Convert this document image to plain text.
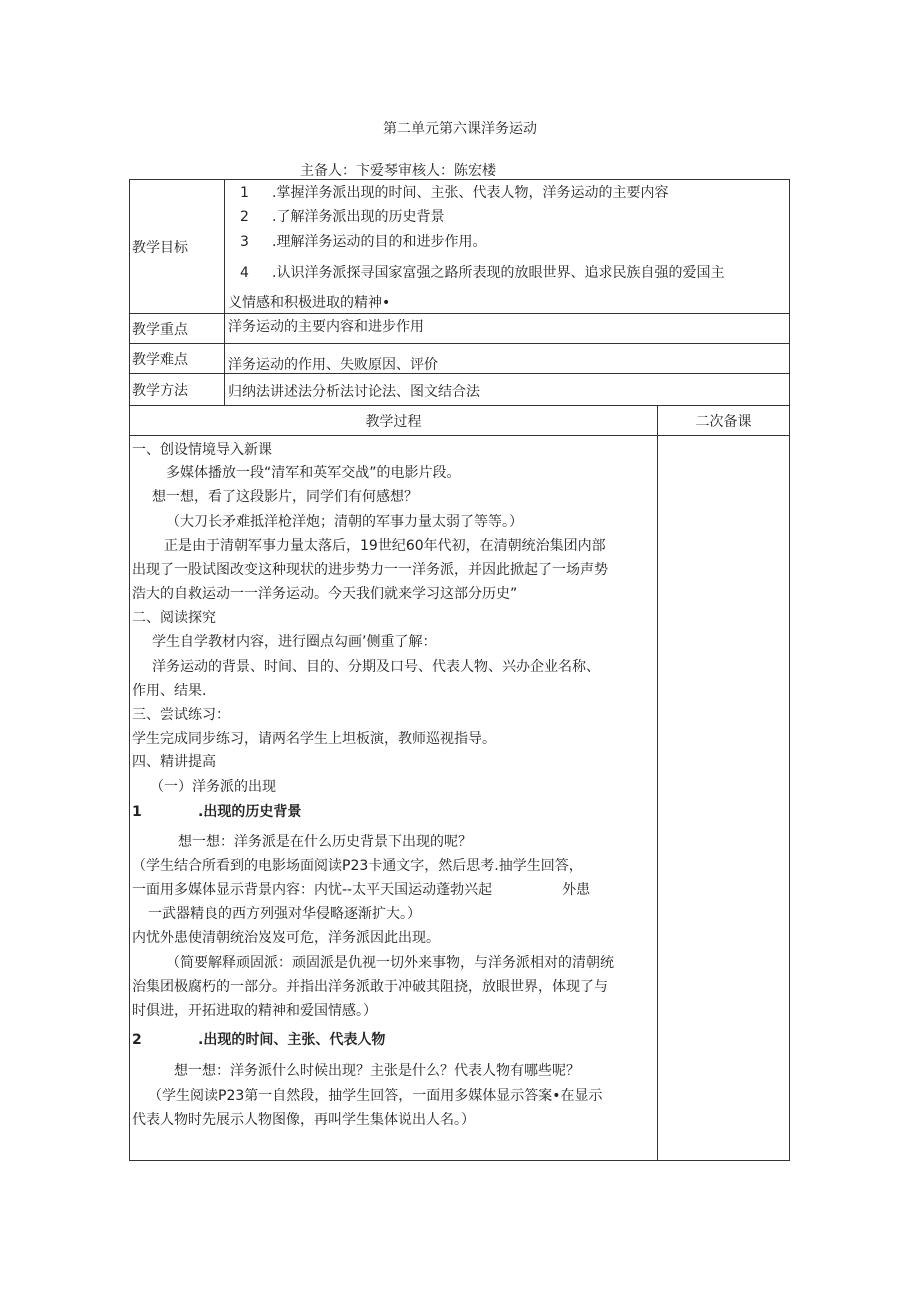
第二单元第六课洋务运动
主备人：卞爱琴审核人：陈宏楼
教学目标
1 .掌握洋务派出现的时间、主张、代表人物，洋务运动的主要内容
2 .了解洋务派出现的历史背景
3 .理解洋务运动的目的和进步作用。
4 .认识洋务派探寻国家富强之路所表现的放眼世界、追求民族自强的爱国主
义情感和积极进取的精神•
教学重点	洋务运动的主要内容和进步作用
教学难点	洋务运动的作用、失败原因、评价
教学方法	归纳法讲述法分析法讨论法、图文结合法
教学过程	二次备课
一、创设情境导入新课
多媒体播放一段“清军和英军交战”的电影片段。
想一想，看了这段影片，同学们有何感想？
（大刀长矛难抵洋枪洋炮；清朝的军事力量太弱了等等。）
正是由于清朝军事力量太落后，19世纪60年代初，在清朝统治集团内部
出现了一股试图改变这种现状的进步势力一一洋务派，并因此掀起了一场声势
浩大的自救运动一一洋务运动。今天我们就来学习这部分历史”
二、阅读探究
学生自学教材内容，进行圈点勾画’侧重了解：
洋务运动的背景、时间、目的、分期及口号、代表人物、兴办企业名称、
作用、结果.
三、尝试练习：
学生完成同步练习，请两名学生上坦板演，教师巡视指导。
四、精讲提高
（一）洋务派的出现
1	.出现的历史背景
想一想：洋务派是在什么历史背景下出现的呢？
（学生结合所看到的电影场面阅读P23卡通文字，然后思考.抽学生回答，
一面用多媒体显示背景内容：内忧--太平天国运动蓬勃兴起	外患
一武器精良的西方列强对华侵略逐渐扩大。）
内忧外患使清朝统治岌岌可危，洋务派因此出现。
（简要解释顽固派：顽固派是仇视一切外来事物，与洋务派相对的清朝统
治集团极腐朽的一部分。并指出洋务派敢于冲破其阻挠，放眼世界，体现了与
时俱进，开拓进取的精神和爱国情感。）
2	.出现的时间、主张、代表人物
想一想：洋务派什么时候出现？主张是什么？代表人物有哪些呢？
（学生阅读P23第一自然段，抽学生回答，一面用多媒体显示答案•在显示
代表人物时先展示人物图像，再叫学生集体说出人名。）
